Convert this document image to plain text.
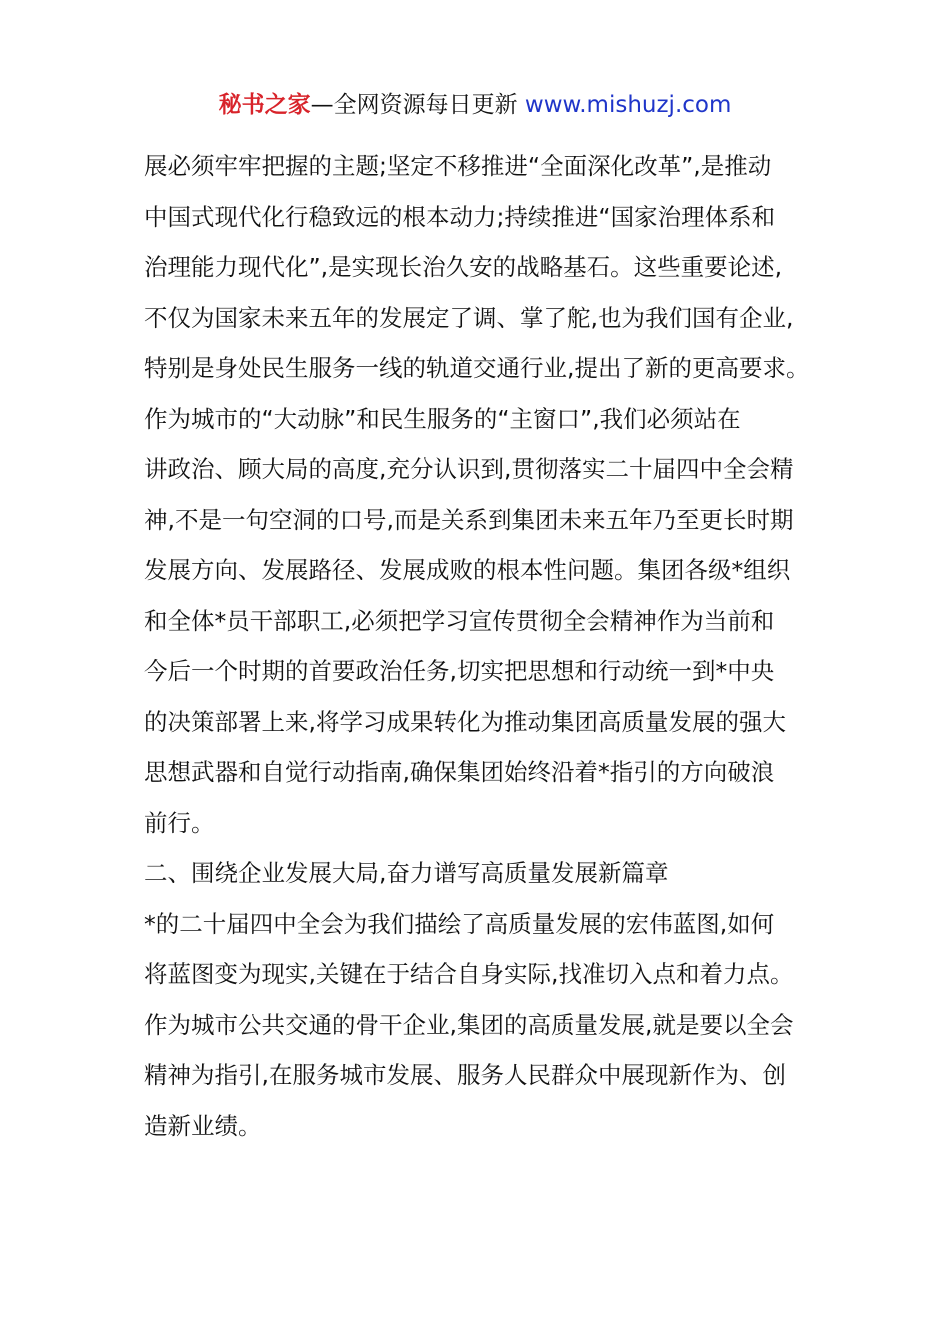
秘书之家—全网资源每日更新 www.mishuzj.com
展必须牢牢把握的主题;坚定不移推进“全面深化改革”,是推动
中国式现代化行稳致远的根本动力;持续推进“国家治理体系和
治理能力现代化”,是实现长治久安的战略基石。这些重要论述,
不仅为国家未来五年的发展定了调、掌了舵,也为我们国有企业,
特别是身处民生服务一线的轨道交通行业,提出了新的更高要求。
作为城市的“大动脉”和民生服务的“主窗口”,我们必须站在
讲政治、顾大局的高度,充分认识到,贯彻落实二十届四中全会精
神,不是一句空洞的口号,而是关系到集团未来五年乃至更长时期
发展方向、发展路径、发展成败的根本性问题。集团各级*组织
和全体*员干部职工,必须把学习宣传贯彻全会精神作为当前和
今后一个时期的首要政治任务,切实把思想和行动统一到*中央
的决策部署上来,将学习成果转化为推动集团高质量发展的强大
思想武器和自觉行动指南,确保集团始终沿着*指引的方向破浪
前行。
二、围绕企业发展大局,奋力谱写高质量发展新篇章
*的二十届四中全会为我们描绘了高质量发展的宏伟蓝图,如何
将蓝图变为现实,关键在于结合自身实际,找准切入点和着力点。
作为城市公共交通的骨干企业,集团的高质量发展,就是要以全会
精神为指引,在服务城市发展、服务人民群众中展现新作为、创
造新业绩。
